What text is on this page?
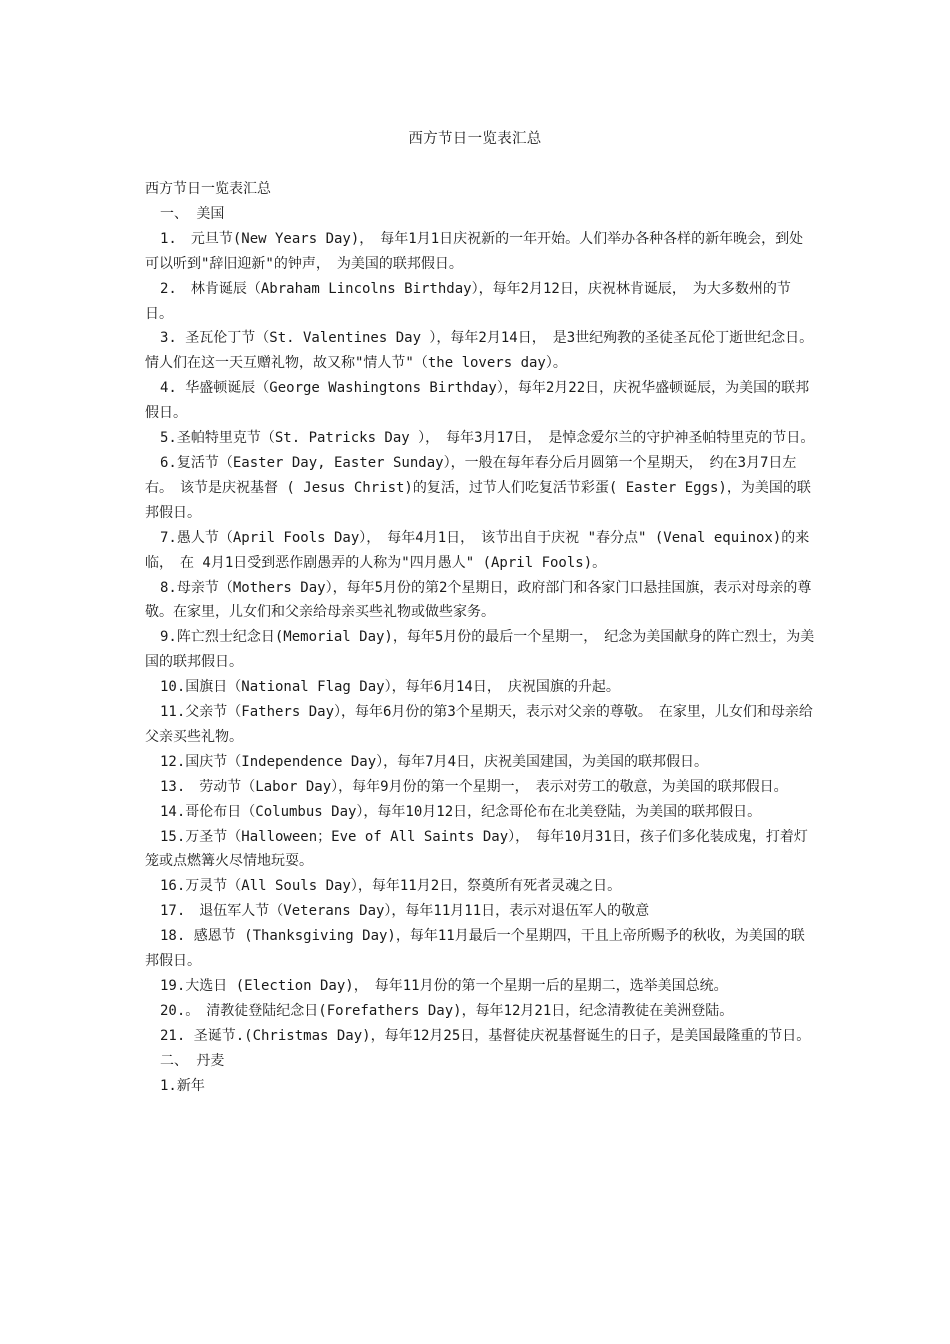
西方节日一览表汇总

西方节日一览表汇总

一、 美国

1.　元旦节(New Years Day)，　每年1月1日庆祝新的一年开始。人们举办各种各样的新年晚会，到处可以听到"辞旧迎新"的钟声，　为美国的联邦假日。

2.　林肯诞辰（Abraham Lincolns Birthday），每年2月12日，庆祝林肯诞辰，　为大多数州的节日。

3. 圣瓦伦丁节（St. Valentines Day ），每年2月14日，　是3世纪殉教的圣徒圣瓦伦丁逝世纪念日。情人们在这一天互赠礼物，故又称"情人节"（the lovers day）。

4. 华盛顿诞辰（George Washingtons Birthday），每年2月22日，庆祝华盛顿诞辰，为美国的联邦假日。

5.圣帕特里克节（St. Patricks Day ），　每年3月17日，　是悼念爱尔兰的守护神圣帕特里克的节日。

6.复活节（Easter Day, Easter Sunday），一般在每年春分后月圆第一个星期天，　约在3月7日左右。　该节是庆祝基督 ( Jesus Christ)的复活，过节人们吃复活节彩蛋( Easter Eggs)，为美国的联邦假日。

7.愚人节（April Fools Day），　每年4月1日，　该节出自于庆祝 "春分点" (Venal equinox)的来临，　在 4月1日受到恶作剧愚弄的人称为"四月愚人" (April Fools)。

8.母亲节（Mothers Day），每年5月份的第2个星期日，政府部门和各家门口悬挂国旗，表示对母亲的尊敬。在家里，儿女们和父亲给母亲买些礼物或做些家务。

9.阵亡烈士纪念日(Memorial Day)，每年5月份的最后一个星期一，　纪念为美国献身的阵亡烈士，为美国的联邦假日。

10.国旗日（National Flag Day），每年6月14日，　庆祝国旗的升起。

11.父亲节（Fathers Day），每年6月份的第3个星期天，表示对父亲的尊敬。　在家里，儿女们和母亲给父亲买些礼物。

12.国庆节（Independence Day），每年7月4日，庆祝美国建国，为美国的联邦假日。

13.　劳动节（Labor Day），每年9月份的第一个星期一，　表示对劳工的敬意，为美国的联邦假日。

14.哥伦布日（Columbus Day），每年10月12日，纪念哥伦布在北美登陆，为美国的联邦假日。

15.万圣节（Halloween；Eve of All Saints Day），　每年10月31日，孩子们多化装成鬼，打着灯笼或点燃篝火尽情地玩耍。

16.万灵节（All Souls Day），每年11月2日，祭奠所有死者灵魂之日。

17.　退伍军人节（Veterans Day），每年11月11日，表示对退伍军人的敬意

18. 感恩节 (Thanksgiving Day)，每年11月最后一个星期四，干且上帝所赐予的秋收，为美国的联邦假日。

19.大选日 (Election Day)，　每年11月份的第一个星期一后的星期二，选举美国总统。

20.。　清教徒登陆纪念日(Forefathers Day)，每年12月21日，纪念清教徒在美洲登陆。

21. 圣诞节.(Christmas Day)，每年12月25日，基督徒庆祝基督诞生的日子，是美国最隆重的节日。

二、 丹麦

1.新年
